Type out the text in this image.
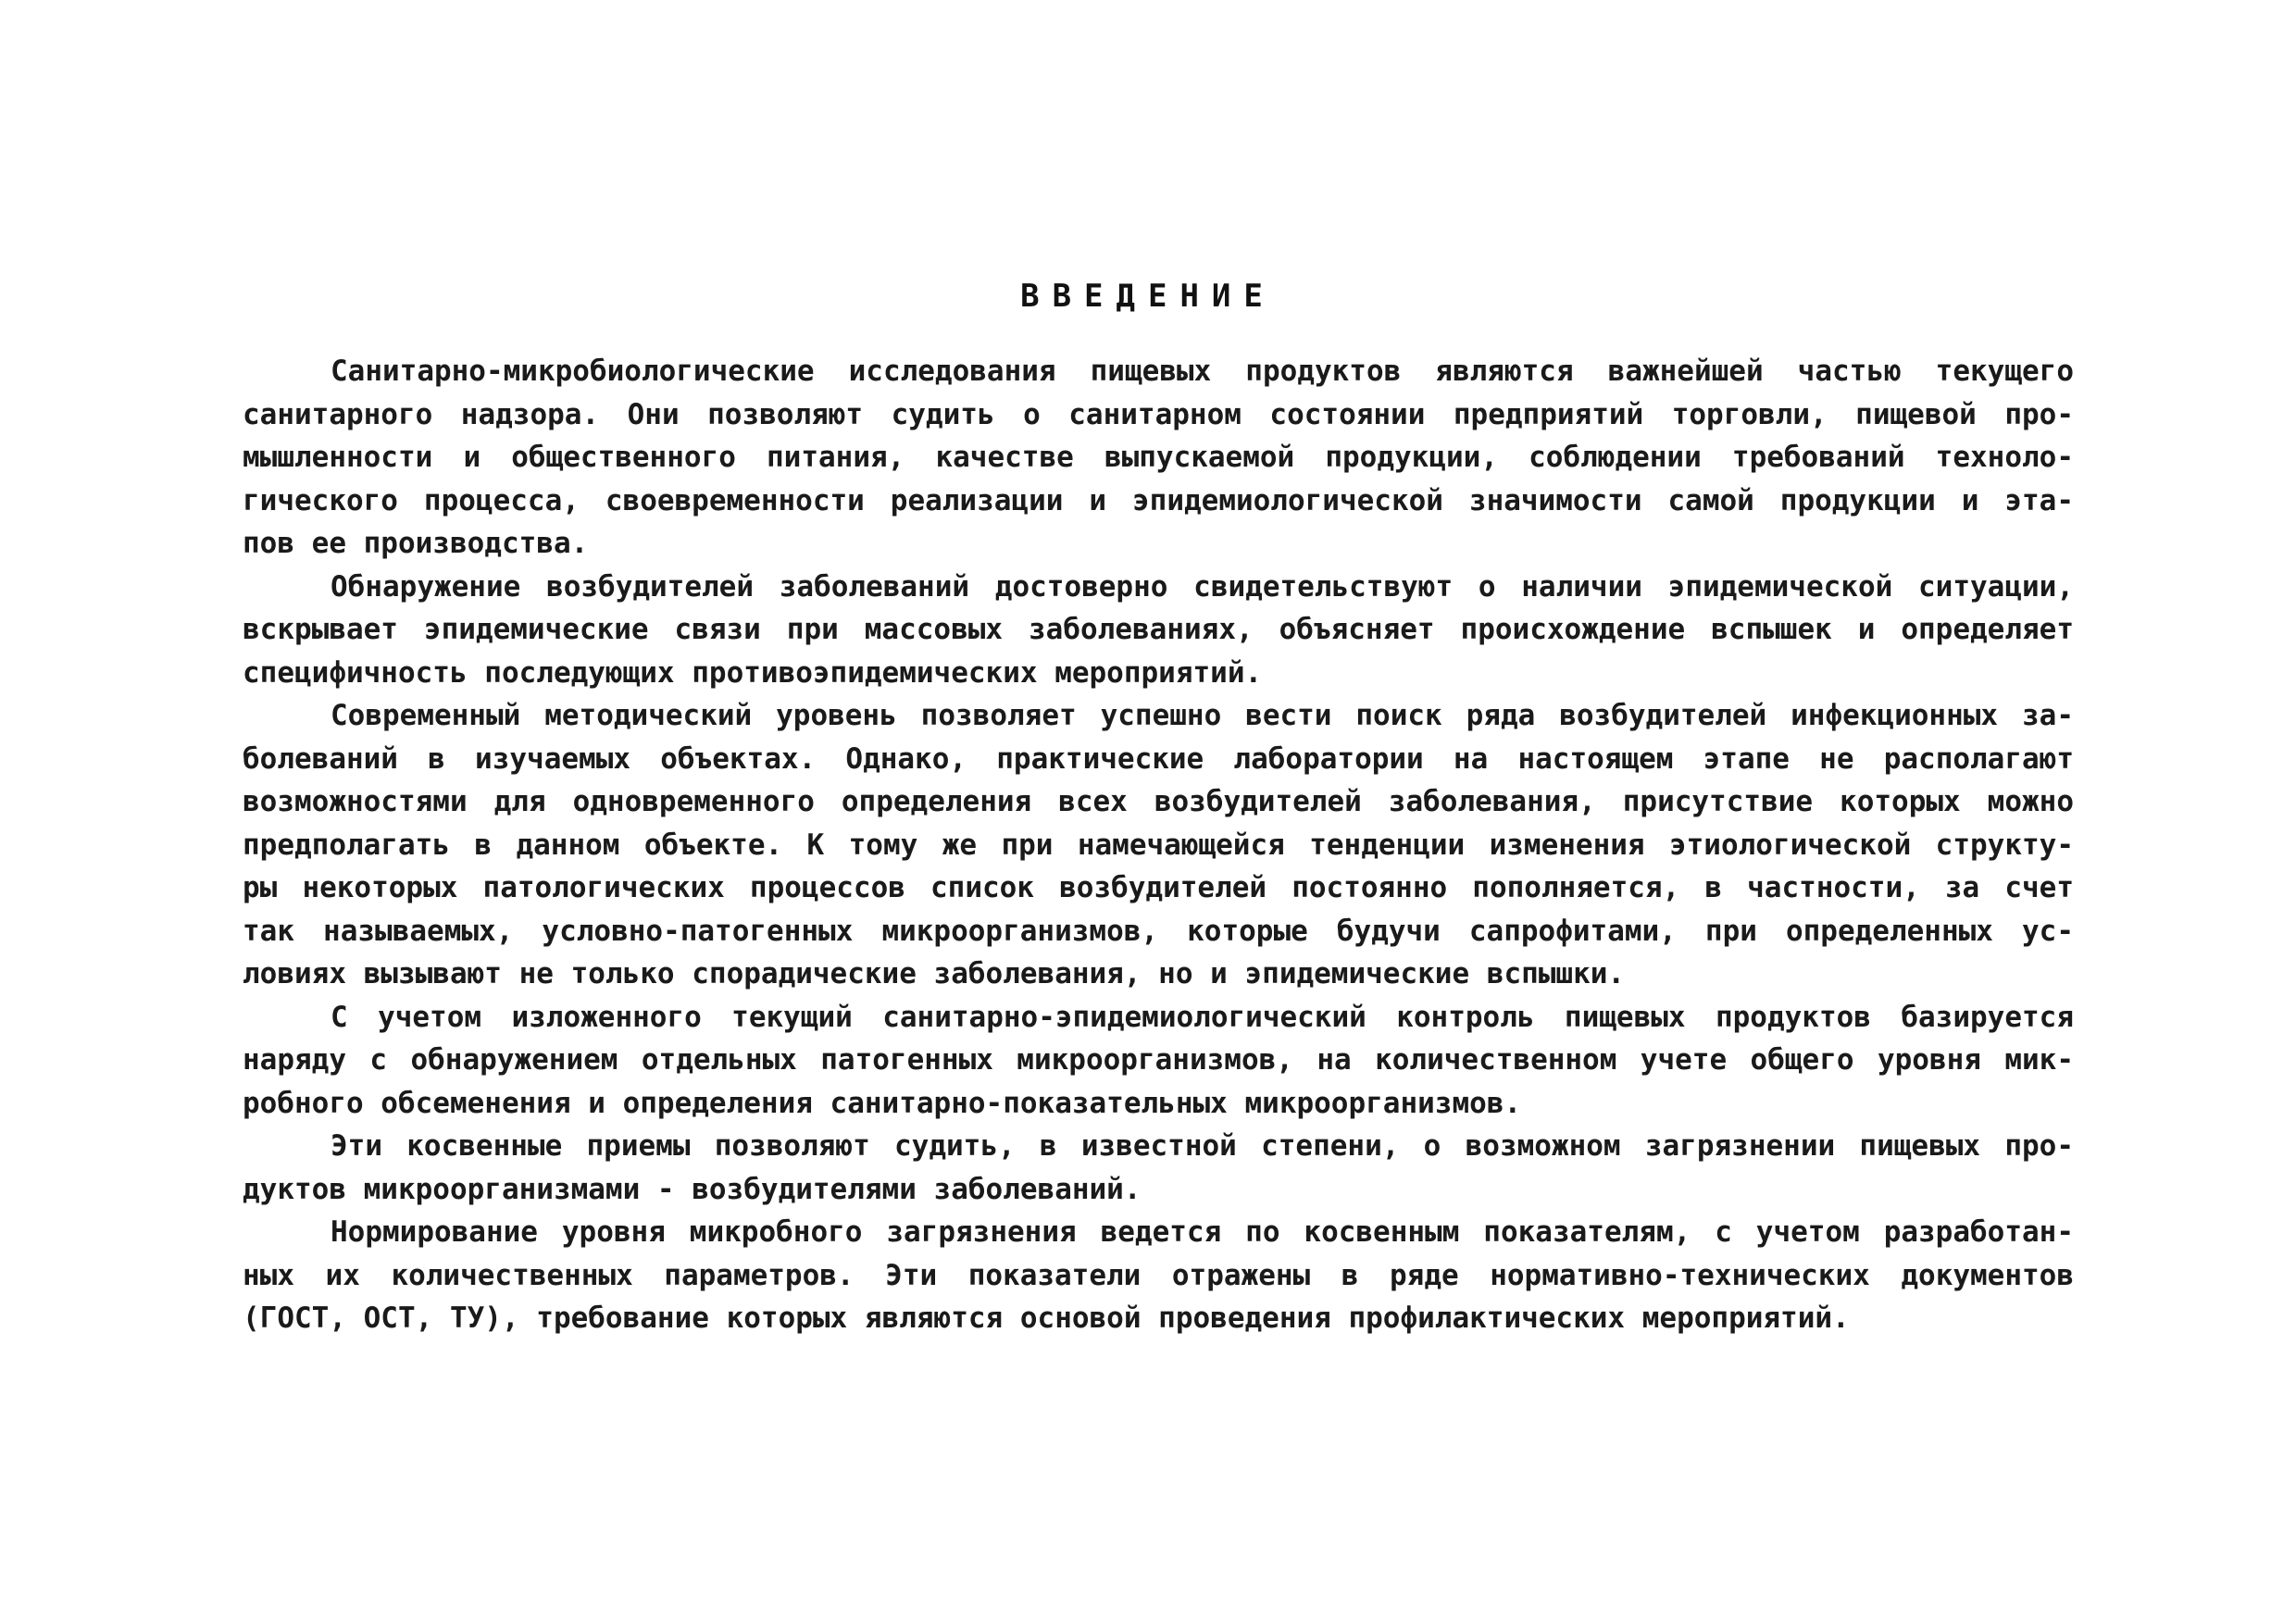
ВВЕДЕНИЕ
Санитарно-микробиологические исследования пищевых продуктов являются важнейшей частью текущего
санитарного надзора. Они позволяют судить о санитарном состоянии предприятий торговли, пищевой про-
мышленности и общественного питания, качестве выпускаемой продукции, соблюдении требований техноло-
гического процесса, своевременности реализации и эпидемиологической значимости самой продукции и эта-
пов ее производства.
Обнаружение возбудителей заболеваний достоверно свидетельствуют о наличии эпидемической ситуации,
вскрывает эпидемические связи при массовых заболеваниях, объясняет происхождение вспышек и определяет
специфичность последующих противоэпидемических мероприятий.
Современный методический уровень позволяет успешно вести поиск ряда возбудителей инфекционных за-
болеваний в изучаемых объектах. Однако, практические лаборатории на настоящем этапе не располагают
возможностями для одновременного определения всех возбудителей заболевания, присутствие которых можно
предполагать в данном объекте. К тому же при намечающейся тенденции изменения этиологической структу-
ры некоторых патологических процессов список возбудителей постоянно пополняется, в частности, за счет
так называемых, условно-патогенных микроорганизмов, которые будучи сапрофитами, при определенных ус-
ловиях вызывают не только спорадические заболевания, но и эпидемические вспышки.
С учетом изложенного текущий санитарно-эпидемиологический контроль пищевых продуктов базируется
наряду с обнаружением отдельных патогенных микроорганизмов, на количественном учете общего уровня мик-
робного обсеменения и определения санитарно-показательных микроорганизмов.
Эти косвенные приемы позволяют судить, в известной степени, о возможном загрязнении пищевых про-
дуктов микроорганизмами - возбудителями заболеваний.
Нормирование уровня микробного загрязнения ведется по косвенным показателям, с учетом разработан-
ных их количественных параметров. Эти показатели отражены в ряде нормативно-технических документов
(ГОСТ, ОСТ, ТУ), требование которых являются основой проведения профилактических мероприятий.
